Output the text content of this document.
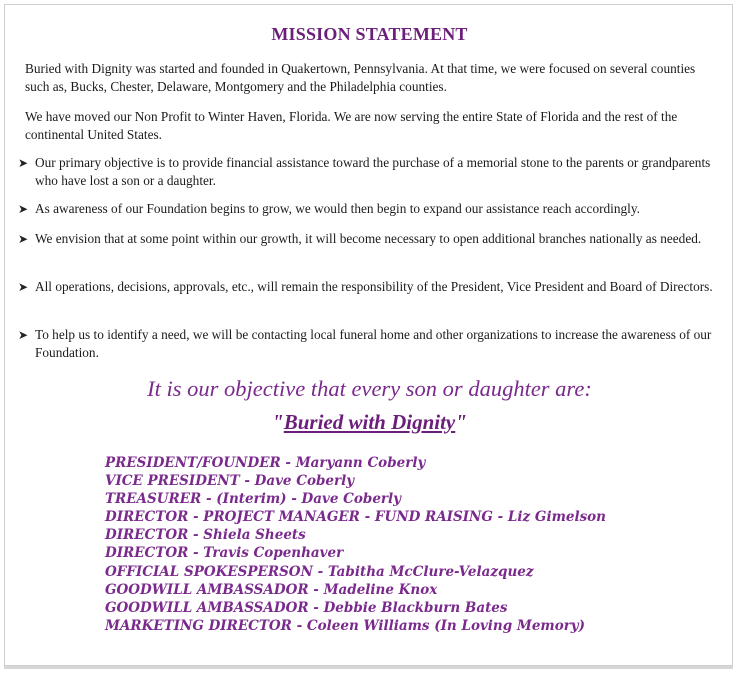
MISSION STATEMENT
Buried with Dignity was started and founded in Quakertown, Pennsylvania. At that time, we were focused on several counties such as, Bucks, Chester, Delaware, Montgomery and the Philadelphia counties.
We have moved our Non Profit to Winter Haven, Florida. We are now serving the entire State of Florida and the rest of the continental United States.
➤ Our primary objective is to provide financial assistance toward the purchase of a memorial stone to the parents or grandparents who have lost a son or a daughter.
➤ As awareness of our Foundation begins to grow, we would then begin to expand our assistance reach accordingly.
➤ We envision that at some point within our growth, it will become necessary to open additional branches nationally as needed.
➤ All operations, decisions, approvals, etc., will remain the responsibility of the President, Vice President and Board of Directors.
➤ To help us to identify a need, we will be contacting local funeral home and other organizations to increase the awareness of our Foundation.
It is our objective that every son or daughter are:
"Buried with Dignity"
PRESIDENT/FOUNDER - Maryann Coberly
VICE PRESIDENT - Dave Coberly
TREASURER - (Interim) - Dave Coberly
DIRECTOR - PROJECT MANAGER - FUND RAISING - Liz Gimelson
DIRECTOR - Shiela Sheets
DIRECTOR - Travis Copenhaver
OFFICIAL SPOKESPERSON - Tabitha McClure-Velazquez
GOODWILL AMBASSADOR - Madeline Knox
GOODWILL AMBASSADOR - Debbie Blackburn Bates
MARKETING DIRECTOR - Coleen Williams (In Loving Memory)
